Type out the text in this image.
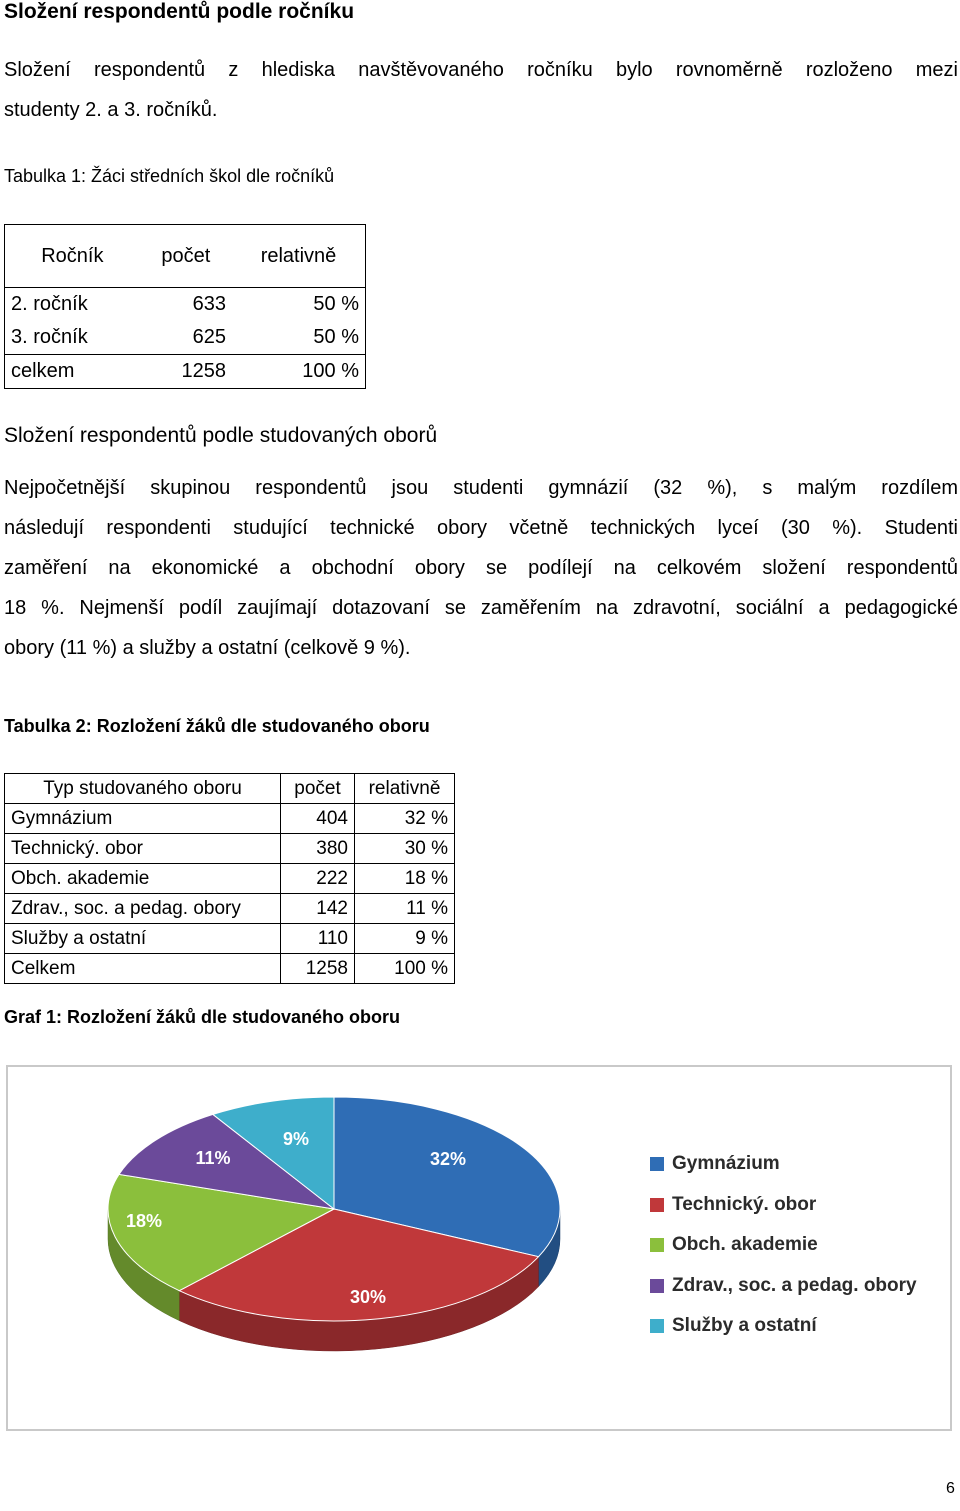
Složení respondentů podle ročníku
Složení respondentů z hlediska navštěvovaného ročníku bylo rovnoměrně rozloženo mezi
studenty 2. a 3. ročníků.
Tabulka 1: Žáci středních škol dle ročníků
Ročník	počet	relativně
2. ročník	633	50 %
3. ročník	625	50 %
celkem	1258	100 %
Složení respondentů podle studovaných oborů
Nejpočetnější skupinou respondentů jsou studenti gymnázií (32 %), s malým rozdílem
následují respondenti studující technické obory včetně technických lyceí (30 %). Studenti
zaměření na ekonomické a obchodní obory se podílejí na celkovém složení respondentů
18 %. Nejmenší podíl zaujímají dotazovaní se zaměřením na zdravotní, sociální a pedagogické
obory (11 %) a služby a ostatní (celkově 9 %).
Tabulka 2: Rozložení žáků dle studovaného oboru
Typ studovaného oboru	počet	relativně
Gymnázium	404	32 %
Technický. obor	380	30 %
Obch. akademie	222	18 %
Zdrav., soc. a pedag. obory	142	11 %
Služby a ostatní	110	9 %
Celkem	1258	100 %
Graf 1: Rozložení žáků dle studovaného oboru
32%
30%
18%
11%
9%
Gymnázium
Technický. obor
Obch. akademie
Zdrav., soc. a pedag. obory
Služby a ostatní
6
